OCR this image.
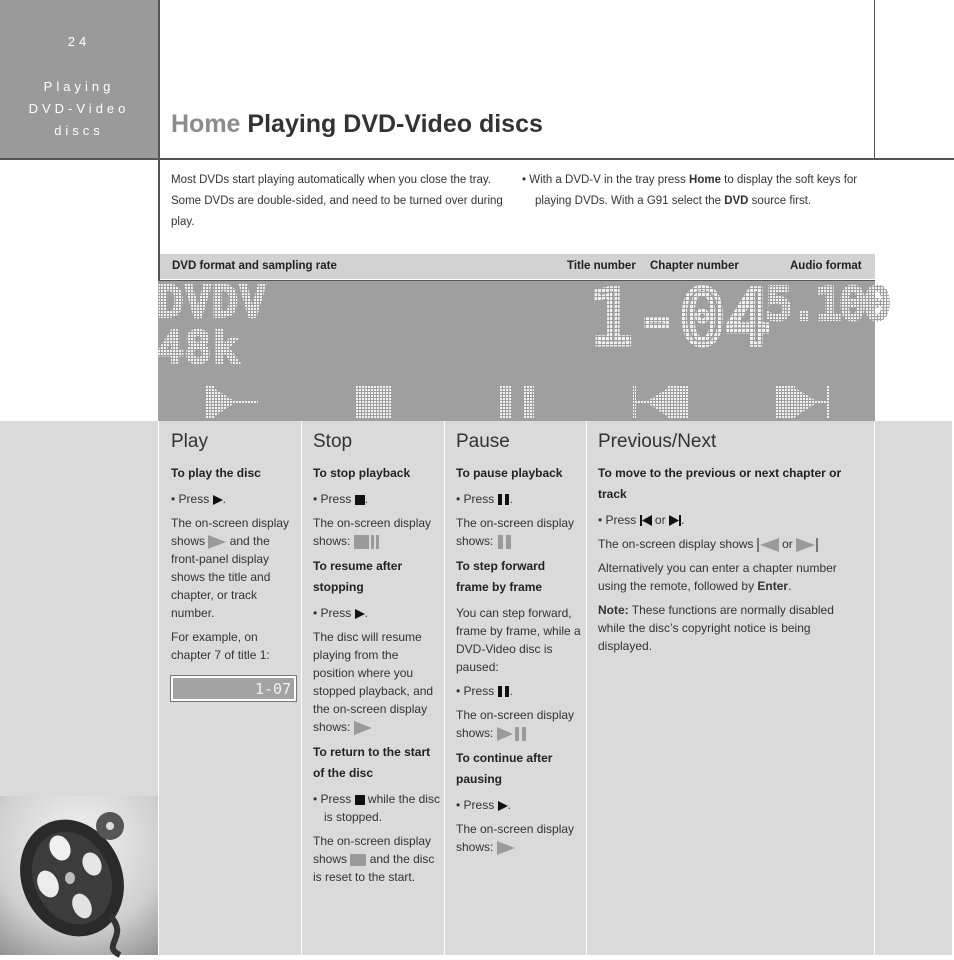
24
Playing
DVD-Video
discs	Home Playing DVD-Video discs

Most DVDs start playing automatically when you close the tray. Some DVDs are double-sided, and need to be turned over during play.

• With a DVD-V in the tray press Home to display the soft keys for playing DVDs. With a G91 select the DVD source first.

DVD format and sampling rate	Title number Chapter number	Audio format
DVDV
48k	1-04
5.100
Play
To play the disc

• Press .

The on-screen display shows and the front-panel display shows the title and chapter, or track number.

For example, on chapter 7 of title 1:

1-07
Stop
To stop playback

• Press .

The on-screen display shows:

To resume after stopping

• Press .

The disc will resume playing from the position where you stopped playback, and the on-screen display shows:

To return to the start of the disc

• Press while the disc is stopped.

The on-screen display shows and the disc is reset to the start.

Pause
To pause playback

• Press .

The on-screen display shows:

To step forward frame by frame

You can step forward, frame by frame, while a DVD-Video disc is paused:

• Press .

The on-screen display shows:

To continue after pausing

• Press .

The on-screen display shows:

Previous/Next
To move to the previous or next chapter or track

• Press or .

The on-screen display shows or

Alternatively you can enter a chapter number using the remote, followed by Enter.

Note: These functions are normally disabled while the disc’s copyright notice is being displayed.
